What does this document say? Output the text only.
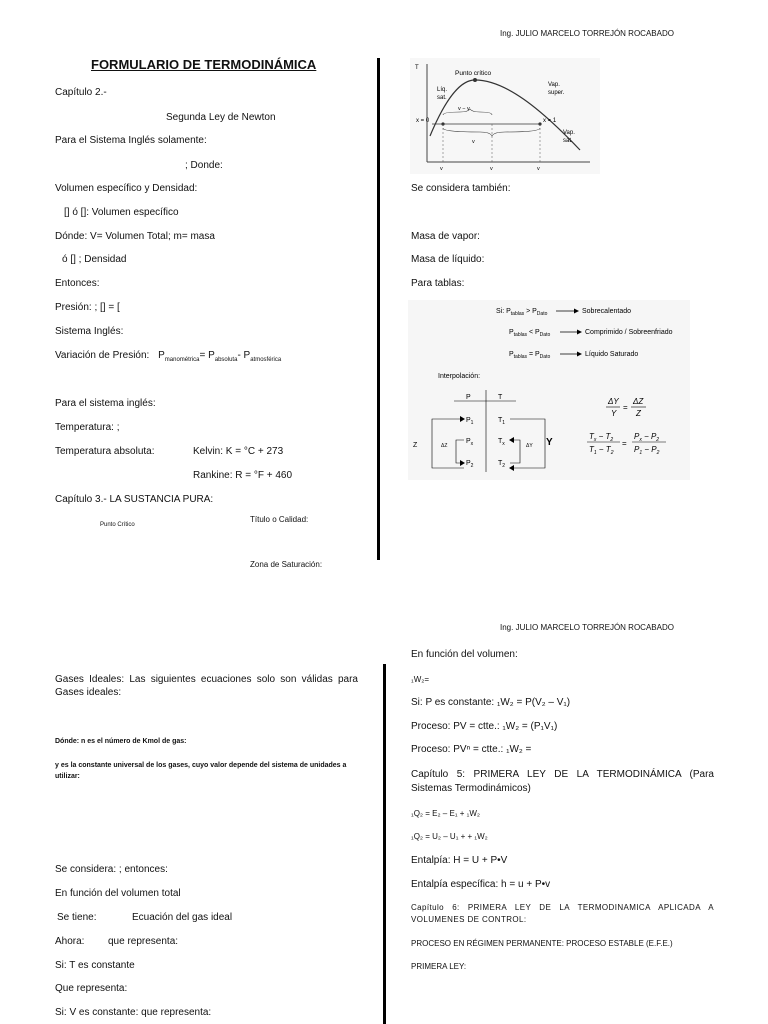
Ing. JULIO MARCELO TORREJÓN ROCABADO
FORMULARIO DE TERMODINÁMICA
Capítulo 2.-
Segunda Ley de Newton
Para el Sistema Inglés solamente:
; Donde:
Volumen específico y Densidad:
[] ó []: Volumen específico
Dónde: V= Volumen Total; m= masa
ó [] ; Densidad
Entonces:
Presión: ; [] = [
Sistema Inglés:
Variación de Presión: $P_{manométrica}= P_{absoluta}-$ $P_{atmosférica}$
Para el sistema inglés:
Temperatura: ;
Temperatura absoluta:	Kelvin: K = °C + 273
Rankine: R = °F + 460
Capítulo 3.- LA SUSTANCIA PURA:
Punto Crítico
Título o Calidad:
Zona de Saturación:
T
Punto crítico
Líq.
sat.
Vap.
super.
Vap.
sat.
x = 0	x = 1
v − v
v
v	v	v
Se considera también:
Masa de vapor:
Masa de líquido:
Para tablas:
Si: $P_{tablas} > P_{Dato}$	Sobrecalentado
$P_{tablas} < P_{Dato}$	Comprimido / Sobreenfriado
$P_{tablas} = P_{Dato}$	Líquido Saturado
Interpolación:
P	T
$P_1$	$T_1$
$P_x$	$T_x$
$P_2$	$T_2$
Z	ΔZ	ΔY Y
ΔY
Y
=
ΔZ
Z
$T_x - T_2$
$T_1 - T_2$
=
$P_x - P_2$
$P_1 - P_2$
Ing. JULIO MARCELO TORREJÓN ROCABADO
Gases Ideales: Las siguientes ecuaciones solo son válidas para Gases ideales:
Dónde: n es el número de Kmol de gas:
y es la constante universal de los gases, cuyo valor depende del sistema de unidades a utilizar:
Se considera: ; entonces:
En función del volumen total
Se tiene:	Ecuación del gas ideal
Ahora: que representa:
Si: T es constante
Que representa:
Si: V es constante: que representa:
En función del volumen:
₁W₂=
Si: P es constante: ₁W₂ = P(V₂ – V₁)
Proceso: PV = ctte.: ₁W₂ = (P₁V₁)
Proceso: PVⁿ = ctte.: ₁W₂ =
Capítulo 5: PRIMERA LEY DE LA TERMODINÁMICA (Para Sistemas Termodinámicos)
₁Q₂ = E₂ – E₁ + ₁W₂
₁Q₂ = U₂ – U₁ + + ₁W₂
Entalpía: H = U + P•V
Entalpía específica: h = u + P•v
Capítulo 6: PRIMERA LEY DE LA TERMODINAMICA APLICADA A VOLUMENES DE CONTROL:
PROCESO EN RÉGIMEN PERMANENTE: PROCESO ESTABLE (E.F.E.)
PRIMERA LEY:
